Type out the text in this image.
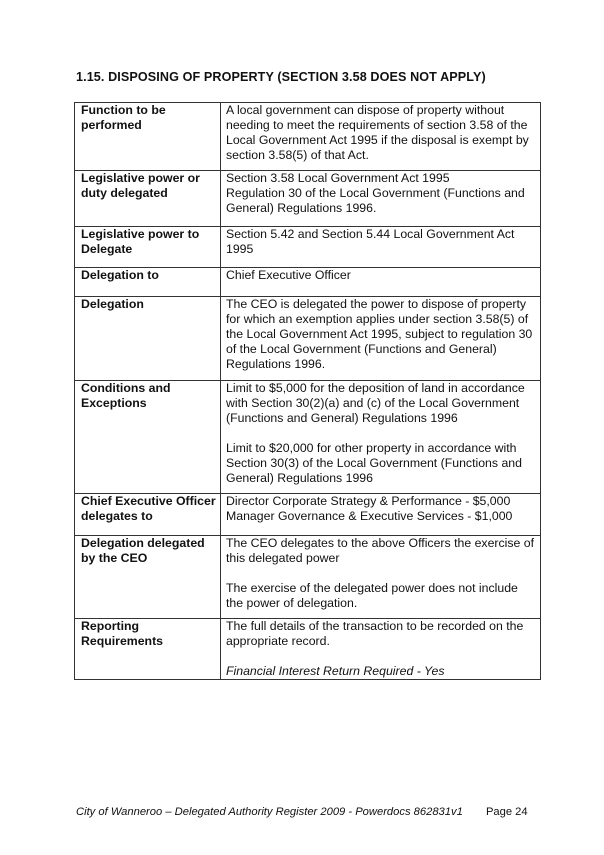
1.15. DISPOSING OF PROPERTY (SECTION 3.58 DOES NOT APPLY)
Function to be performed	A local government can dispose of property without needing to meet the requirements of section 3.58 of the Local Government Act 1995 if the disposal is exempt by section 3.58(5) of that Act.

Legislative power or duty delegated	Section 3.58 Local Government Act 1995
Regulation 30 of the Local Government (Functions and General) Regulations 1996.

Legislative power to Delegate	Section 5.42 and Section 5.44 Local Government Act 1995

Delegation to	Chief Executive Officer

Delegation	The CEO is delegated the power to dispose of property for which an exemption applies under section 3.58(5) of the Local Government Act 1995, subject to regulation 30 of the Local Government (Functions and General) Regulations 1996.

Conditions and Exceptions	Limit to $5,000 for the deposition of land in accordance with Section 30(2)(a) and (c) of the Local Government (Functions and General) Regulations 1996

Limit to $20,000 for other property in accordance with Section 30(3) of the Local Government (Functions and General) Regulations 1996

Chief Executive Officer delegates to	Director Corporate Strategy & Performance - $5,000
Manager Governance & Executive Services - $1,000

Delegation delegated by the CEO	The CEO delegates to the above Officers the exercise of this delegated power

The exercise of the delegated power does not include the power of delegation.

Reporting Requirements	The full details of the transaction to be recorded on the appropriate record.

Financial Interest Return Required - Yes

City of Wanneroo – Delegated Authority Register 2009 - Powerdocs 862831v1 Page 24
